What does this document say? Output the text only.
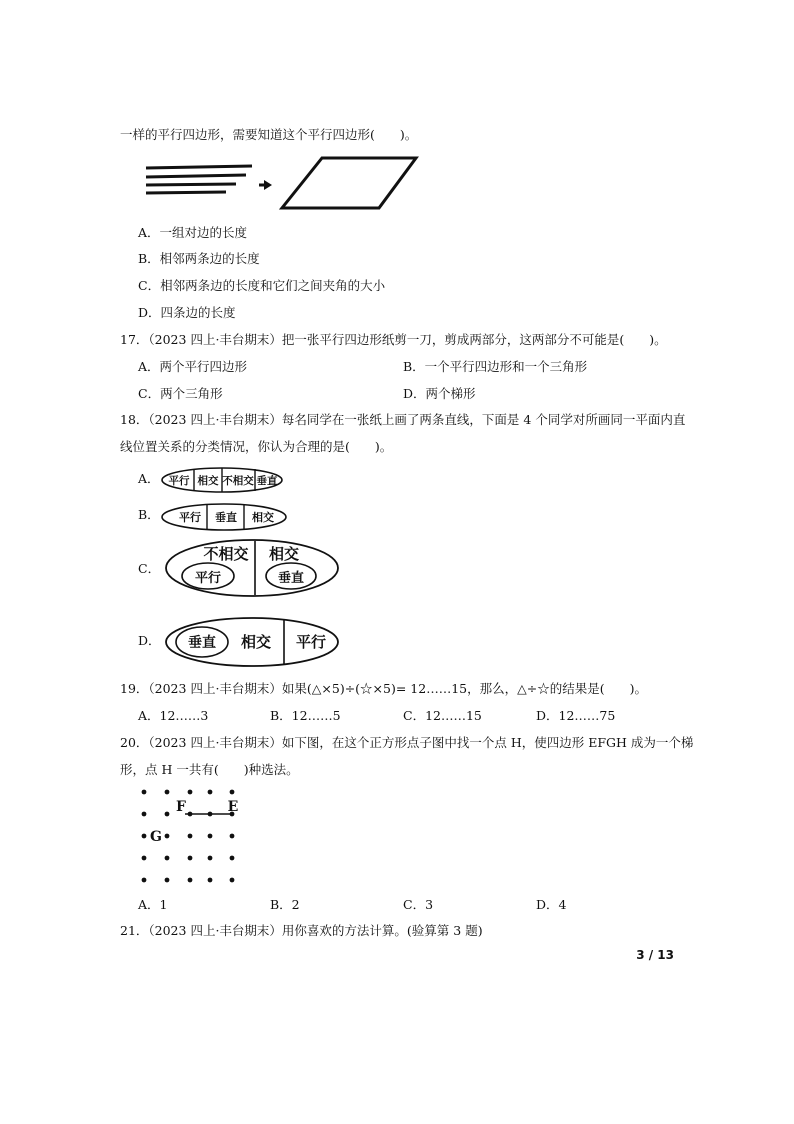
一样的平行四边形，需要知道这个平行四边形(　　)。
A．一组对边的长度
B．相邻两条边的长度
C．相邻两条边的长度和它们之间夹角的大小
D．四条边的长度
17．（2023 四上·丰台期末）把一张平行四边形纸剪一刀，剪成两部分，这两部分不可能是(　　)。
A．两个平行四边形	B．一个平行四边形和一个三角形
C．两个三角形	D．两个梯形
18．（2023 四上·丰台期末）每名同学在一张纸上画了两条直线，下面是 4 个同学对所画同一平面内直
线位置关系的分类情况，你认为合理的是(　　)。
A． 平行 相交 不相交 垂直
B． 平行 垂直 相交
C．
不相交 相交
平行	垂直
D． 垂直 相交 平行
19．（2023 四上·丰台期末）如果(△×5)÷(☆×5)= 12……15，那么，△÷☆的结果是(　　)。
A．12……3	B．12……5	C．12……15	D．12……75
20．（2023 四上·丰台期末）如下图，在这个正方形点子图中找一个点 H，使四边形 EFGH 成为一个梯
形，点 H 一共有(　　)种选法。
F	E
G
A．1	B．2	C．3	D．4
21．（2023 四上·丰台期末）用你喜欢的方法计算。(验算第 3 题)
3 / 13
